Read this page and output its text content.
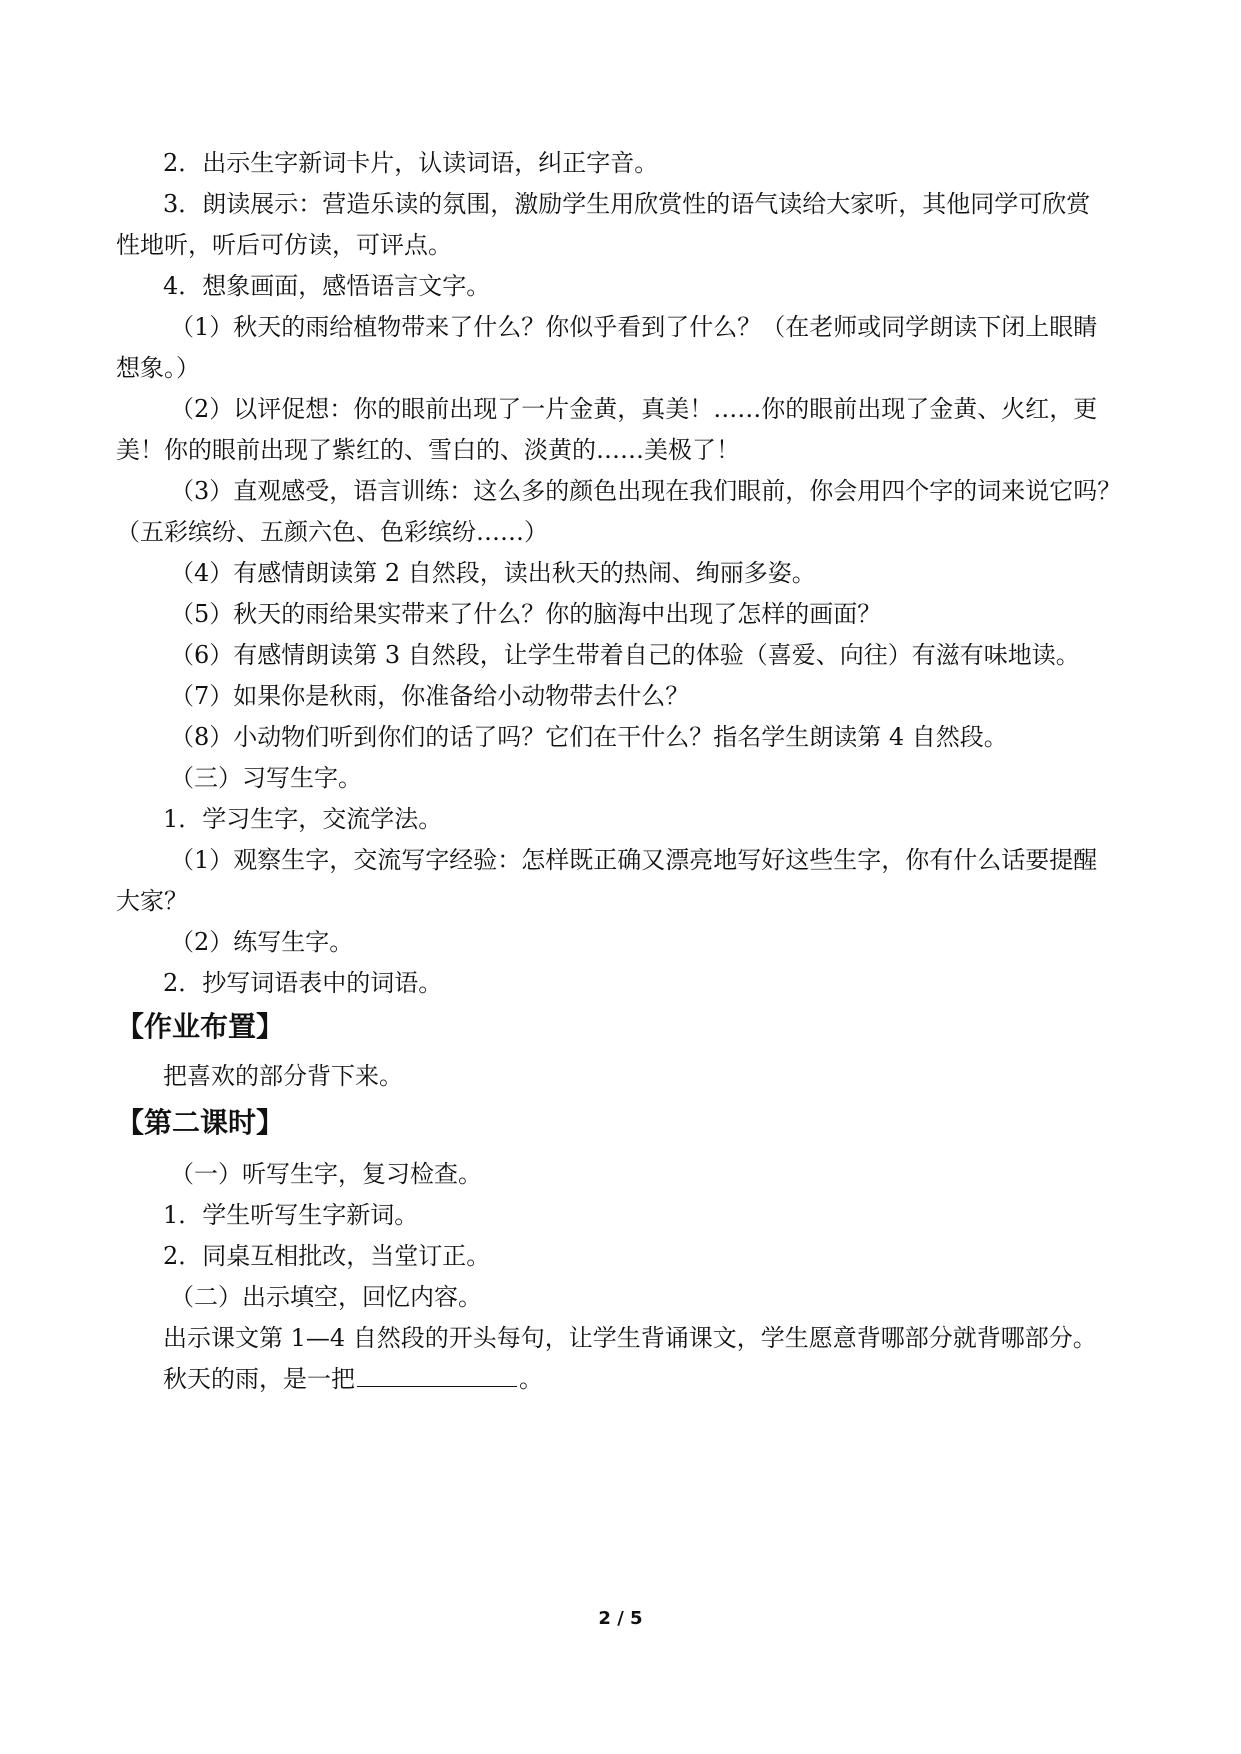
2．出示生字新词卡片，认读词语，纠正字音。
3．朗读展示：营造乐读的氛围，激励学生用欣赏性的语气读给大家听，其他同学可欣赏
性地听，听后可仿读，可评点。
4．想象画面，感悟语言文字。
（1）秋天的雨给植物带来了什么？你似乎看到了什么？（在老师或同学朗读下闭上眼睛
想象。）
（2）以评促想：你的眼前出现了一片金黄，真美！……你的眼前出现了金黄、火红，更
美！你的眼前出现了紫红的、雪白的、淡黄的……美极了！
（3）直观感受，语言训练：这么多的颜色出现在我们眼前，你会用四个字的词来说它吗？
（五彩缤纷、五颜六色、色彩缤纷……）
（4）有感情朗读第 2 自然段，读出秋天的热闹、绚丽多姿。
（5）秋天的雨给果实带来了什么？你的脑海中出现了怎样的画面？
（6）有感情朗读第 3 自然段，让学生带着自己的体验（喜爱、向往）有滋有味地读。
（7）如果你是秋雨，你准备给小动物带去什么？
（8）小动物们听到你们的话了吗？它们在干什么？指名学生朗读第 4 自然段。
（三）习写生字。
1．学习生字，交流学法。
（1）观察生字，交流写字经验：怎样既正确又漂亮地写好这些生字，你有什么话要提醒
大家？
（2）练写生字。
2．抄写词语表中的词语。
【作业布置】
把喜欢的部分背下来。
【第二课时】
（一）听写生字，复习检查。
1．学生听写生字新词。
2．同桌互相批改，当堂订正。
（二）出示填空，回忆内容。
出示课文第 1—4 自然段的开头每句，让学生背诵课文，学生愿意背哪部分就背哪部分。
秋天的雨，是一把	。
2 / 5
